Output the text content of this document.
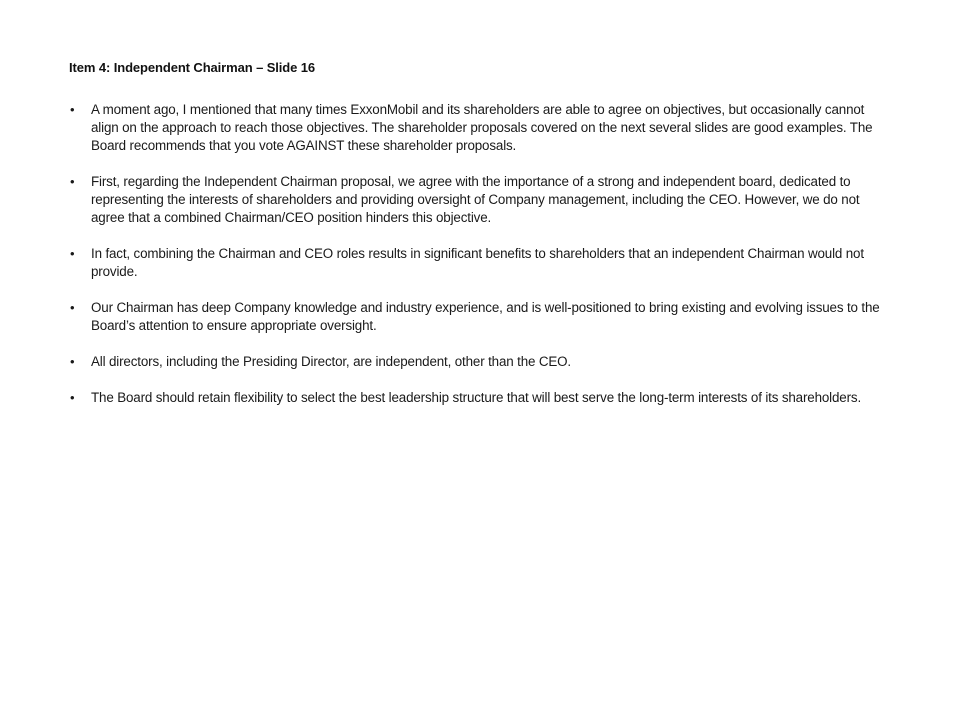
Item 4: Independent Chairman – Slide 16
• A moment ago, I mentioned that many times ExxonMobil and its shareholders are able to agree on objectives, but occasionally cannot align on the approach to reach those objectives. The shareholder proposals covered on the next several slides are good examples. The Board recommends that you vote AGAINST these shareholder proposals.
• First, regarding the Independent Chairman proposal, we agree with the importance of a strong and independent board, dedicated to representing the interests of shareholders and providing oversight of Company management, including the CEO. However, we do not agree that a combined Chairman/CEO position hinders this objective.
• In fact, combining the Chairman and CEO roles results in significant benefits to shareholders that an independent Chairman would not provide.
• Our Chairman has deep Company knowledge and industry experience, and is well-positioned to bring existing and evolving issues to the Board’s attention to ensure appropriate oversight.
• All directors, including the Presiding Director, are independent, other than the CEO.
• The Board should retain flexibility to select the best leadership structure that will best serve the long-term interests of its shareholders.
